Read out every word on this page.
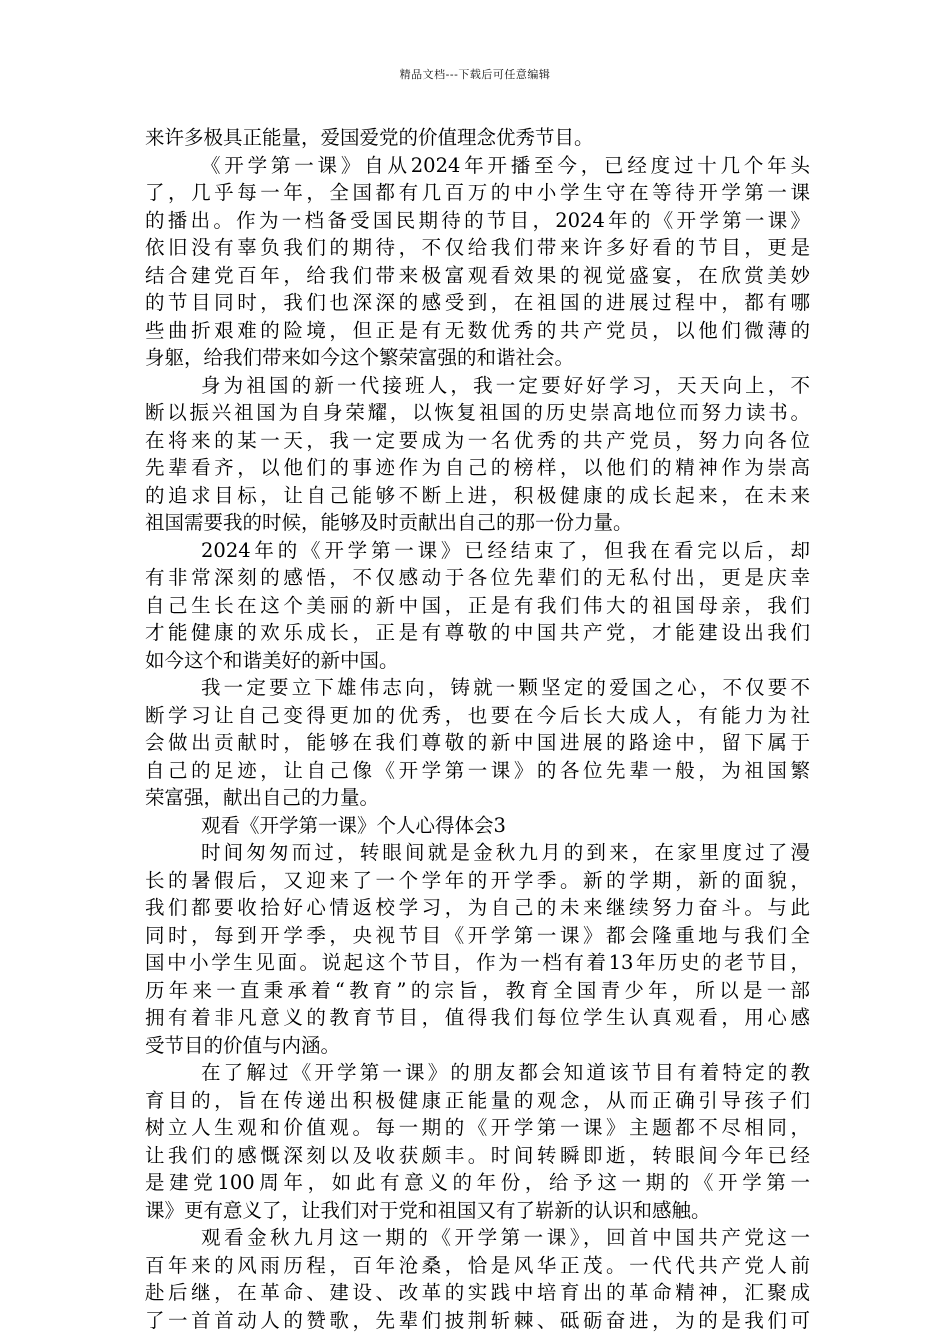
精品文档---下载后可任意编辑
来许多极具正能量，爱国爱党的价值理念优秀节目。
《开学第一课》自从2024年开播至今，已经度过十几个年头
了，几乎每一年，全国都有几百万的中小学生守在等待开学第一课
的播出。作为一档备受国民期待的节目，2024年的《开学第一课》
依旧没有辜负我们的期待，不仅给我们带来许多好看的节目，更是
结合建党百年，给我们带来极富观看效果的视觉盛宴，在欣赏美妙
的节目同时，我们也深深的感受到，在祖国的进展过程中，都有哪
些曲折艰难的险境，但正是有无数优秀的共产党员，以他们微薄的
身躯，给我们带来如今这个繁荣富强的和谐社会。
身为祖国的新一代接班人，我一定要好好学习，天天向上，不
断以振兴祖国为自身荣耀，以恢复祖国的历史崇高地位而努力读书。
在将来的某一天，我一定要成为一名优秀的共产党员，努力向各位
先辈看齐，以他们的事迹作为自己的榜样，以他们的精神作为崇高
的追求目标，让自己能够不断上进，积极健康的成长起来，在未来
祖国需要我的时候，能够及时贡献出自己的那一份力量。
2024年的《开学第一课》已经结束了，但我在看完以后，却
有非常深刻的感悟，不仅感动于各位先辈们的无私付出，更是庆幸
自己生长在这个美丽的新中国，正是有我们伟大的祖国母亲，我们
才能健康的欢乐成长，正是有尊敬的中国共产党，才能建设出我们
如今这个和谐美好的新中国。
我一定要立下雄伟志向，铸就一颗坚定的爱国之心，不仅要不
断学习让自己变得更加的优秀，也要在今后长大成人，有能力为社
会做出贡献时，能够在我们尊敬的新中国进展的路途中，留下属于
自己的足迹，让自己像《开学第一课》的各位先辈一般，为祖国繁
荣富强，献出自己的力量。
观看《开学第一课》个人心得体会3
时间匆匆而过，转眼间就是金秋九月的到来，在家里度过了漫
长的暑假后，又迎来了一个学年的开学季。新的学期，新的面貌，
我们都要收拾好心情返校学习，为自己的未来继续努力奋斗。与此
同时，每到开学季，央视节目《开学第一课》都会隆重地与我们全
国中小学生见面。说起这个节目，作为一档有着13年历史的老节目，
历年来一直秉承着“教育”的宗旨，教育全国青少年，所以是一部
拥有着非凡意义的教育节目，值得我们每位学生认真观看，用心感
受节目的价值与内涵。
在了解过《开学第一课》的朋友都会知道该节目有着特定的教
育目的，旨在传递出积极健康正能量的观念，从而正确引导孩子们
树立人生观和价值观。每一期的《开学第一课》主题都不尽相同，
让我们的感慨深刻以及收获颇丰。时间转瞬即逝，转眼间今年已经
是建党100周年，如此有意义的年份，给予这一期的《开学第一
课》更有意义了，让我们对于党和祖国又有了崭新的认识和感触。
观看金秋九月这一期的《开学第一课》，回首中国共产党这一
百年来的风雨历程，百年沧桑，恰是风华正茂。一代代共产党人前
赴后继，在革命、建设、改革的实践中培育出的革命精神，汇聚成
了一首首动人的赞歌，先辈们披荆斩棘、砥砺奋进，为的是我们可
